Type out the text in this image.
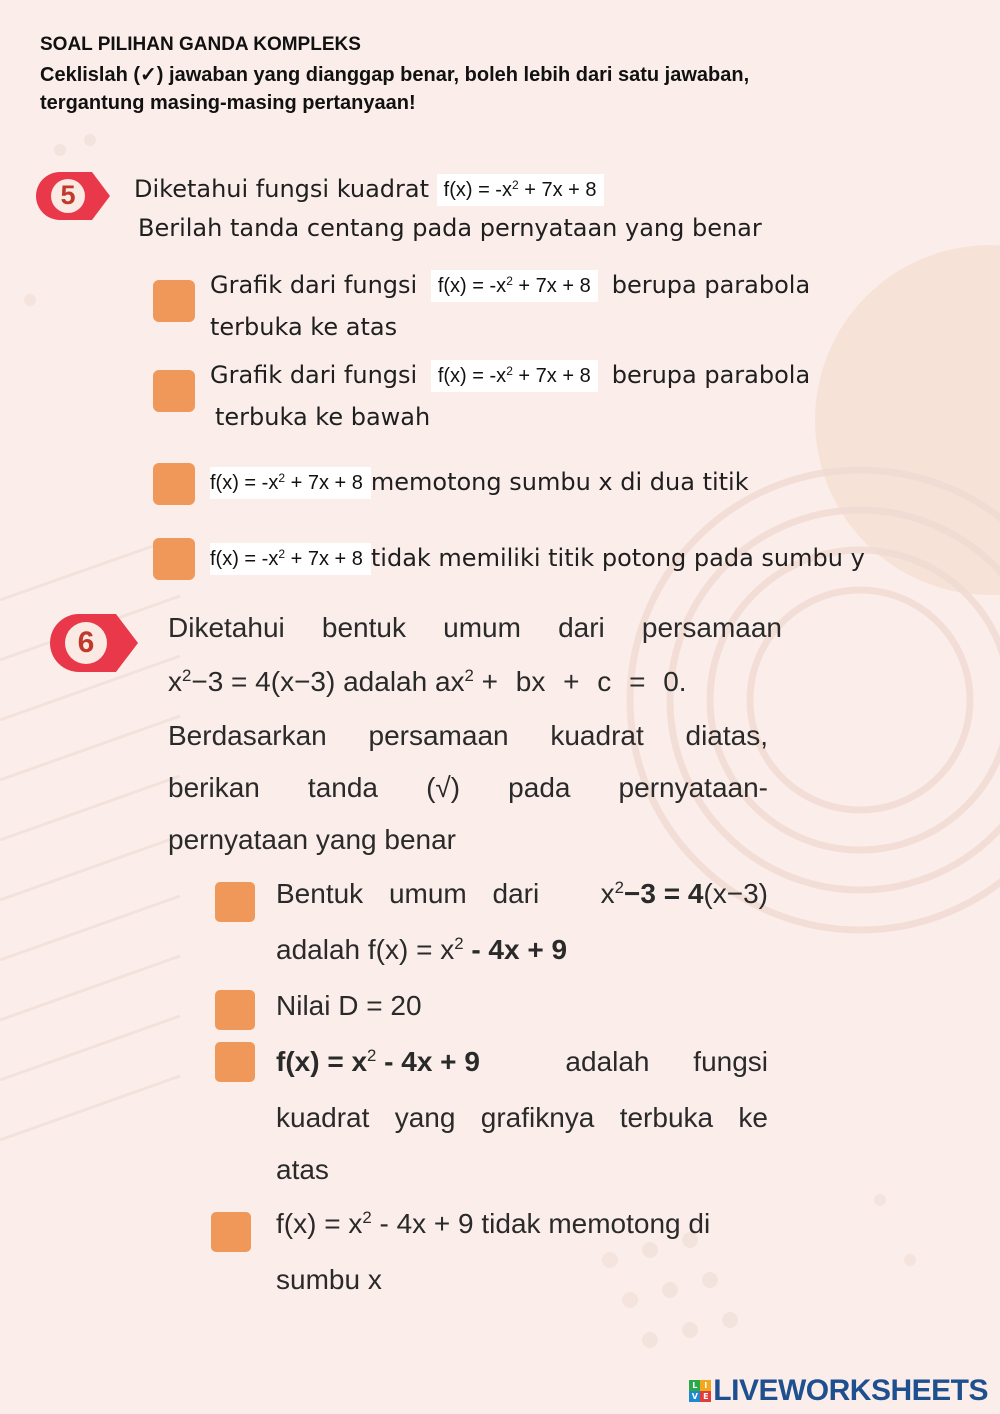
SOAL PILIHAN GANDA KOMPLEKS
Ceklislah (✓) jawaban yang dianggap benar, boleh lebih dari satu jawaban,
tergantung masing-masing pertanyaan!
5	Diketahui fungsi kuadrat $f(x) = -x^2 + 7x + 8$
Berilah tanda centang pada pernyataan yang benar
Grafik dari fungsi $f(x) = -x^2 + 7x + 8$ berupa parabola
terbuka ke atas
Grafik dari fungsi $f(x) = -x^2 + 7x + 8$ berupa parabola
terbuka ke bawah
$f(x) = -x^2 + 7x + 8$ memotong sumbu x di dua titik
$f(x) = -x^2 + 7x + 8$ tidak memiliki titik potong pada sumbu y
6	Diketahui bentuk umum dari persamaan
$x^2-3 = 4(x-3)$ adalah $ax^2$ + bx + c = 0.
Berdasarkan persamaan kuadrat diatas,
berikan tanda (√) pada pernyataan-
pernyataan yang benar
Bentuk umum dari $x^2-3 = 4(x-3)$
adalah $f(x) = x^2 - 4x + 9$
Nilai D = 20
$f(x) = x^2 - 4x + 9$	adalah fungsi
kuadrat yang grafiknya terbuka ke
atas
$f(x) = x^2 - 4x + 9$ tidak memotong di
sumbu x
L I
V E LIVEWORKSHEETS
